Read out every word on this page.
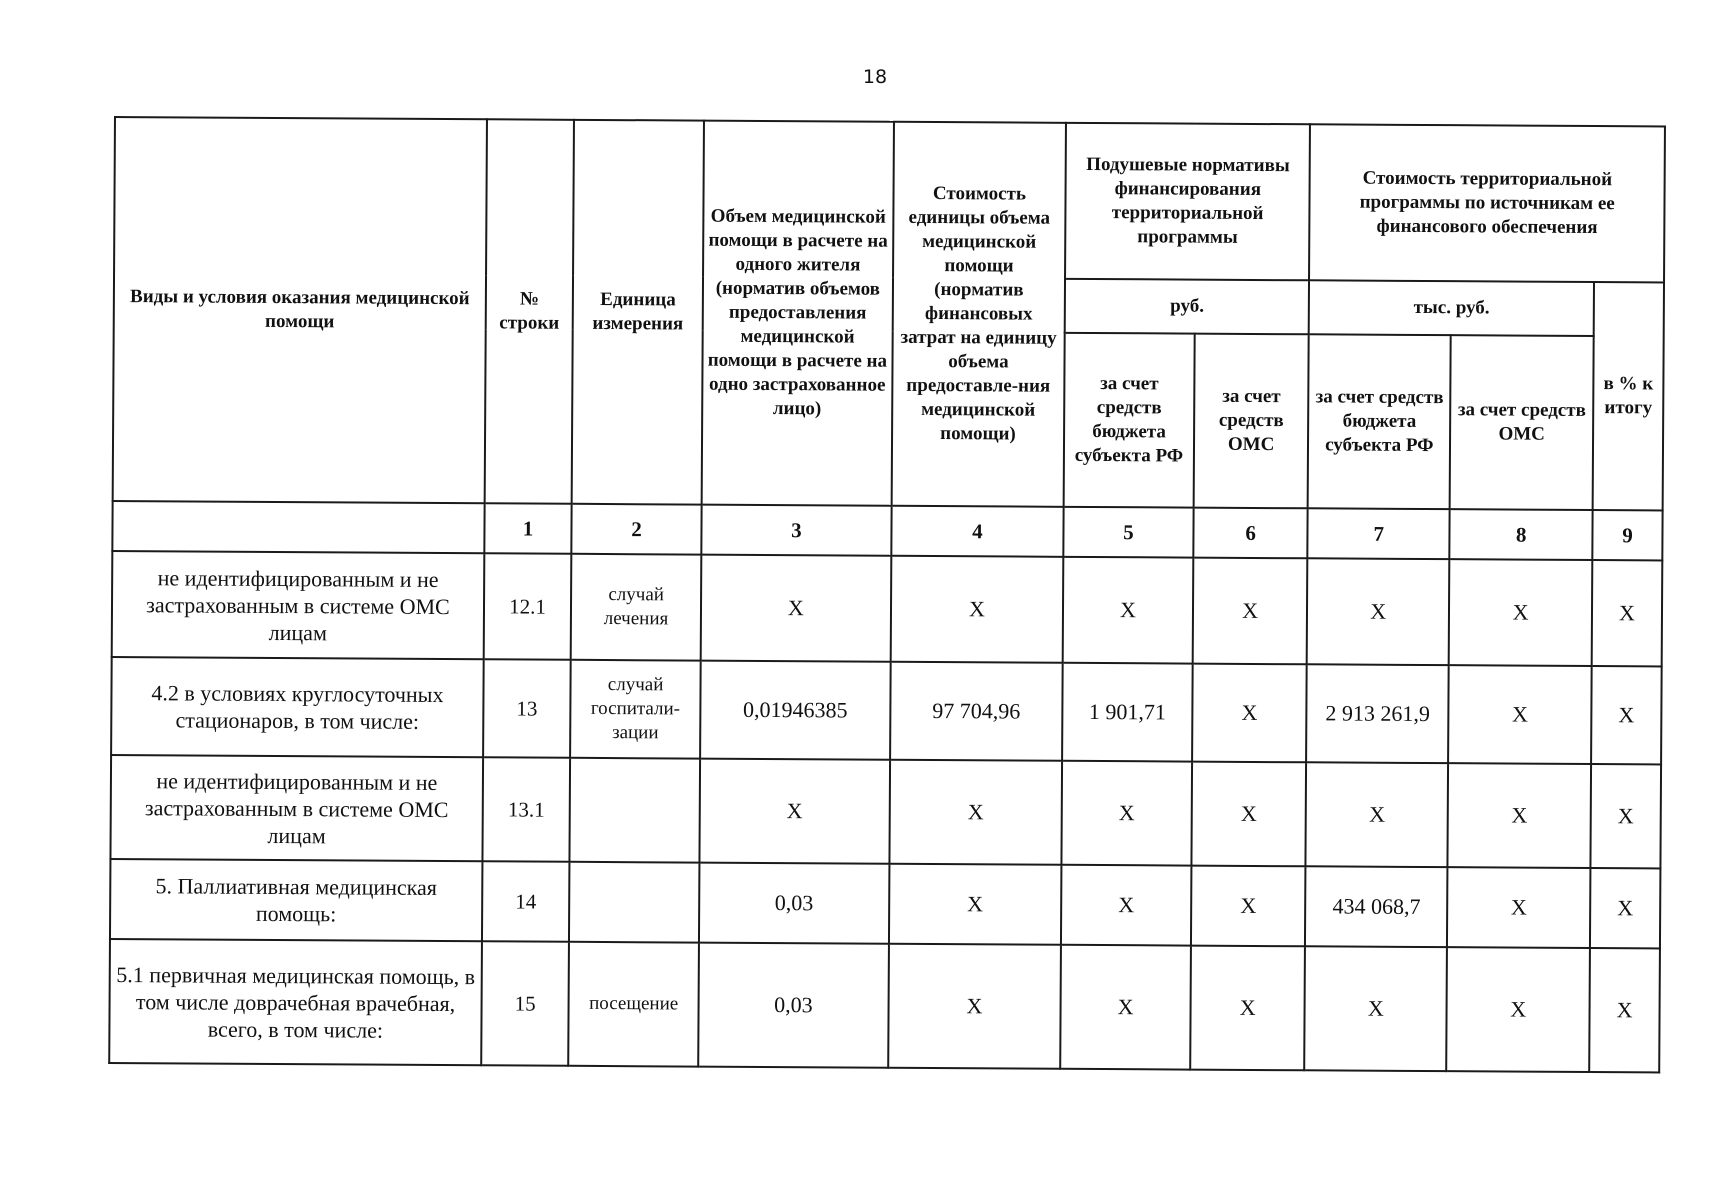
18
Виды и условия оказания медицинской помощи	№ строки	Единица измерения	Объем медицинской помощи в расчете на одного жителя (норматив объемов предоставления медицинской помощи в расчете на одно застрахованное лицо)	Стоимость единицы объема медицинской помощи (норматив финансовых затрат на единицу объема предоставле-ния медицинской помощи)	Подушевые нормативы финансирования территориальной программы		Стоимость территориальной программы по источникам ее финансового обеспечения		
					руб.		тыс. руб.		в % к итогу
					за счет средств бюджета субъекта РФ	за счет средств ОМС	за счет средств бюджета субъекта РФ	за счет средств ОМС	
	1	2	3	4	5	6	7	8	9
не идентифицированным и не застрахованным в системе ОМС лицам	12.1	случай лечения	X	X	X	X	X	X	X
4.2 в условиях круглосуточных стационаров, в том числе:	13	случай госпитали-зации	0,01946385	97 704,96	1 901,71	X	2 913 261,9	X	X
не идентифицированным и не застрахованным в системе ОМС лицам	13.1		X	X	X	X	X	X	X
5. Паллиативная медицинская помощь:	14		0,03	X	X	X	434 068,7	X	X
5.1 первичная медицинская помощь, в том числе доврачебная врачебная, всего, в том числе:	15	посещение	0,03	X	X	X	X	X	X
